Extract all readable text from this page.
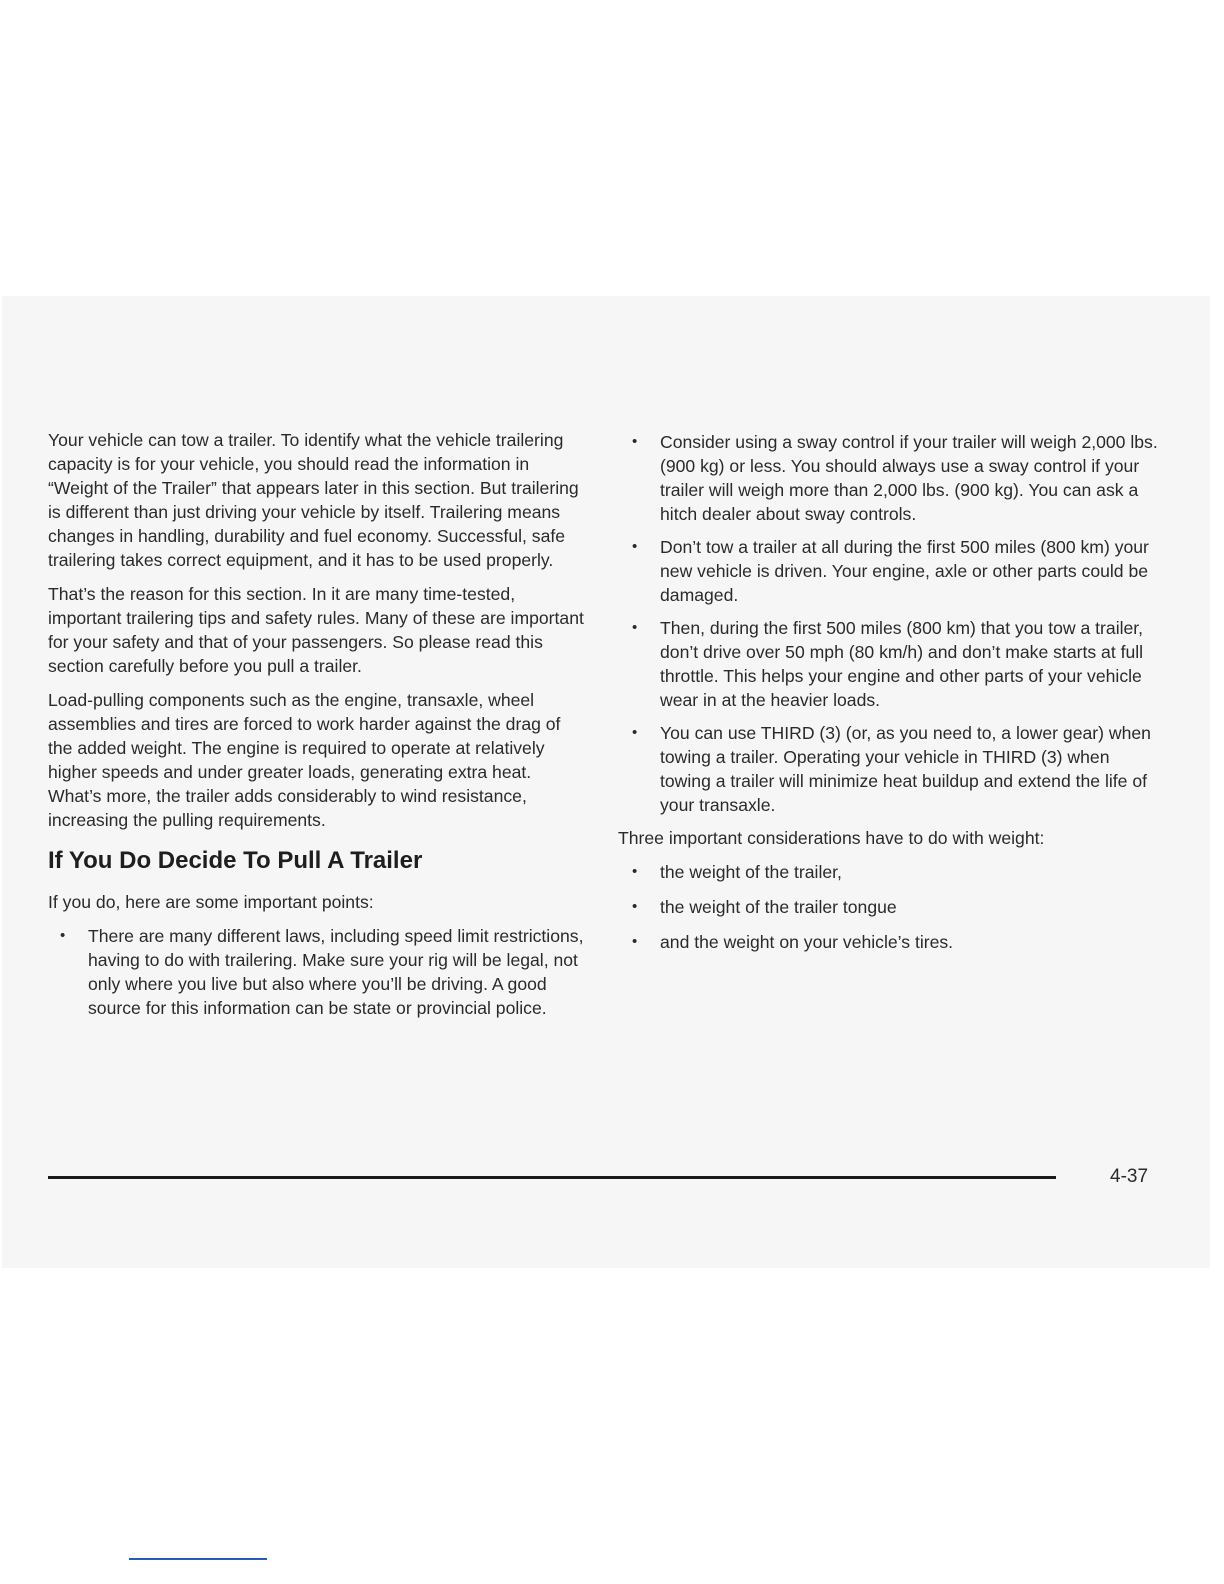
Your vehicle can tow a trailer. To identify what the vehicle trailering capacity is for your vehicle, you should read the information in “Weight of the Trailer” that appears later in this section. But trailering is different than just driving your vehicle by itself. Trailering means changes in handling, durability and fuel economy. Successful, safe trailering takes correct equipment, and it has to be used properly.

That’s the reason for this section. In it are many time-tested, important trailering tips and safety rules. Many of these are important for your safety and that of your passengers. So please read this section carefully before you pull a trailer.

Load-pulling components such as the engine, transaxle, wheel assemblies and tires are forced to work harder against the drag of the added weight. The engine is required to operate at relatively higher speeds and under greater loads, generating extra heat. What’s more, the trailer adds considerably to wind resistance, increasing the pulling requirements.

If You Do Decide To Pull A Trailer

If you do, here are some important points:

• There are many different laws, including speed limit restrictions, having to do with trailering. Make sure your rig will be legal, not only where you live but also where you’ll be driving. A good source for this information can be state or provincial police.
• Consider using a sway control if your trailer will weigh 2,000 lbs. (900 kg) or less. You should always use a sway control if your trailer will weigh more than 2,000 lbs. (900 kg). You can ask a hitch dealer about sway controls.
• Don’t tow a trailer at all during the first 500 miles (800 km) your new vehicle is driven. Your engine, axle or other parts could be damaged.
• Then, during the first 500 miles (800 km) that you tow a trailer, don’t drive over 50 mph (80 km/h) and don’t make starts at full throttle. This helps your engine and other parts of your vehicle wear in at the heavier loads.
• You can use THIRD (3) (or, as you need to, a lower gear) when towing a trailer. Operating your vehicle in THIRD (3) when towing a trailer will minimize heat buildup and extend the life of your transaxle.

Three important considerations have to do with weight:

• the weight of the trailer,
• the weight of the trailer tongue
• and the weight on your vehicle’s tires.
4-37
